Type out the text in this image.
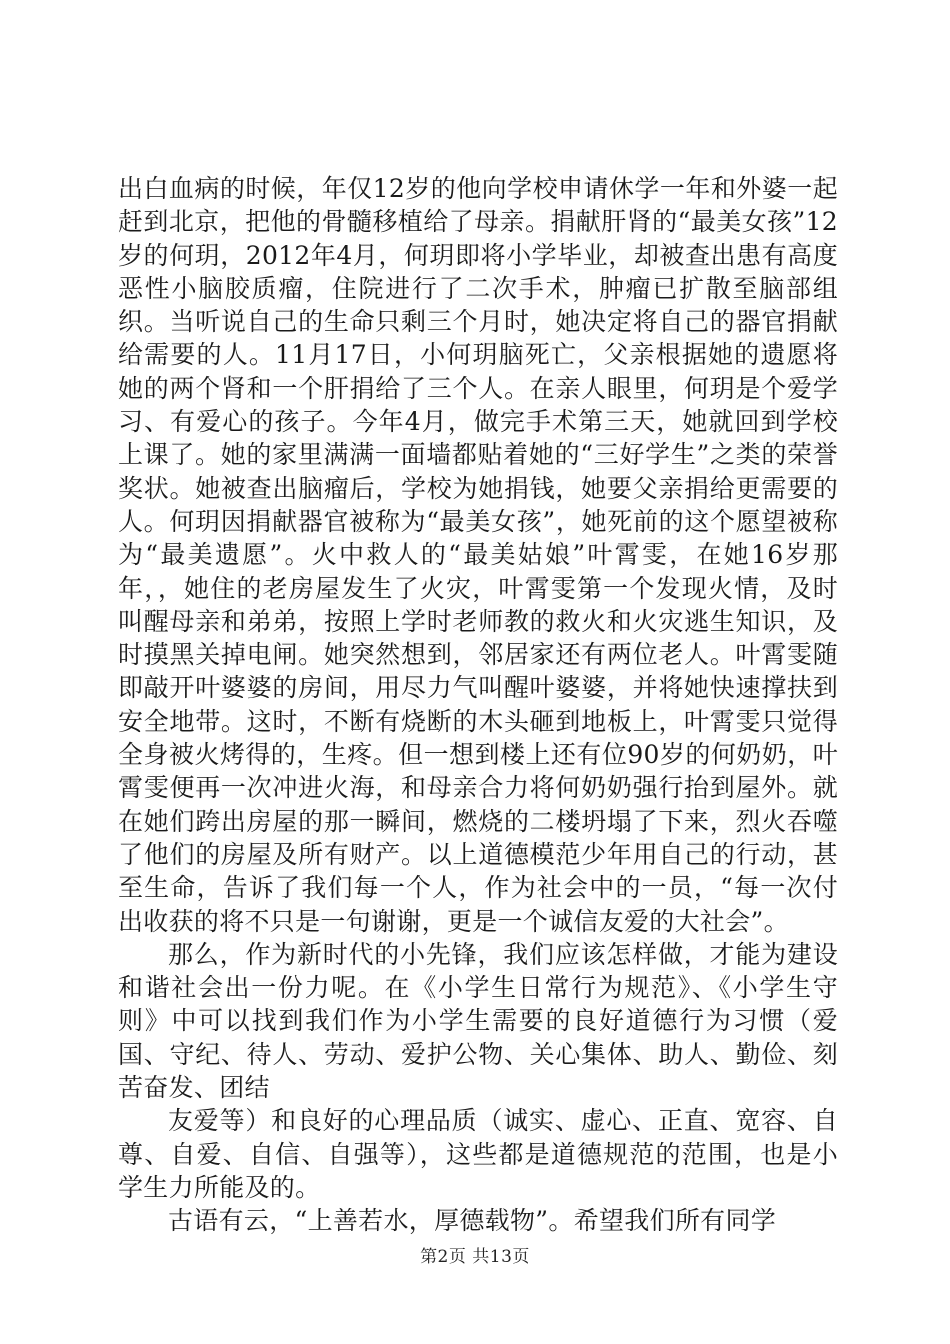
出白血病的时候，年仅12岁的他向学校申请休学一年和外婆一起赶到北京，把他的骨髓移植给了母亲。捐献肝肾的“最美女孩”12岁的何玥，2012年4月，何玥即将小学毕业，却被查出患有高度恶性小脑胶质瘤，住院进行了二次手术，肿瘤已扩散至脑部组织。当听说自己的生命只剩三个月时，她决定将自己的器官捐献给需要的人。11月17日，小何玥脑死亡，父亲根据她的遗愿将她的两个肾和一个肝捐给了三个人。在亲人眼里，何玥是个爱学习、有爱心的孩子。今年4月，做完手术第三天，她就回到学校上课了。她的家里满满一面墙都贴着她的“三好学生”之类的荣誉奖状。她被查出脑瘤后，学校为她捐钱，她要父亲捐给更需要的人。何玥因捐献器官被称为“最美女孩”，她死前的这个愿望被称为“最美遗愿”。火中救人的“最美姑娘”叶霄雯，在她16岁那年，，她住的老房屋发生了火灾，叶霄雯第一个发现火情，及时叫醒母亲和弟弟，按照上学时老师教的救火和火灾逃生知识，及时摸黑关掉电闸。她突然想到，邻居家还有两位老人。叶霄雯随即敲开叶婆婆的房间，用尽力气叫醒叶婆婆，并将她快速撑扶到安全地带。这时，不断有烧断的木头砸到地板上，叶霄雯只觉得全身被火烤得的，生疼。但一想到楼上还有位90岁的何奶奶，叶霄雯便再一次冲进火海，和母亲合力将何奶奶强行抬到屋外。就在她们跨出房屋的那一瞬间，燃烧的二楼坍塌了下来，烈火吞噬了他们的房屋及所有财产。以上道德模范少年用自己的行动，甚至生命，告诉了我们每一个人，作为社会中的一员，“每一次付出收获的将不只是一句谢谢，更是一个诚信友爱的大社会”。

那么，作为新时代的小先锋，我们应该怎样做，才能为建设和谐社会出一份力呢。在《小学生日常行为规范》、《小学生守则》中可以找到我们作为小学生需要的良好道德行为习惯（爱国、守纪、待人、劳动、爱护公物、关心集体、助人、勤俭、刻苦奋发、团结

友爱等）和良好的心理品质（诚实、虚心、正直、宽容、自尊、自爱、自信、自强等），这些都是道德规范的范围，也是小学生力所能及的。

古语有云，“上善若水，厚德载物”。希望我们所有同学

第2页 共13页
